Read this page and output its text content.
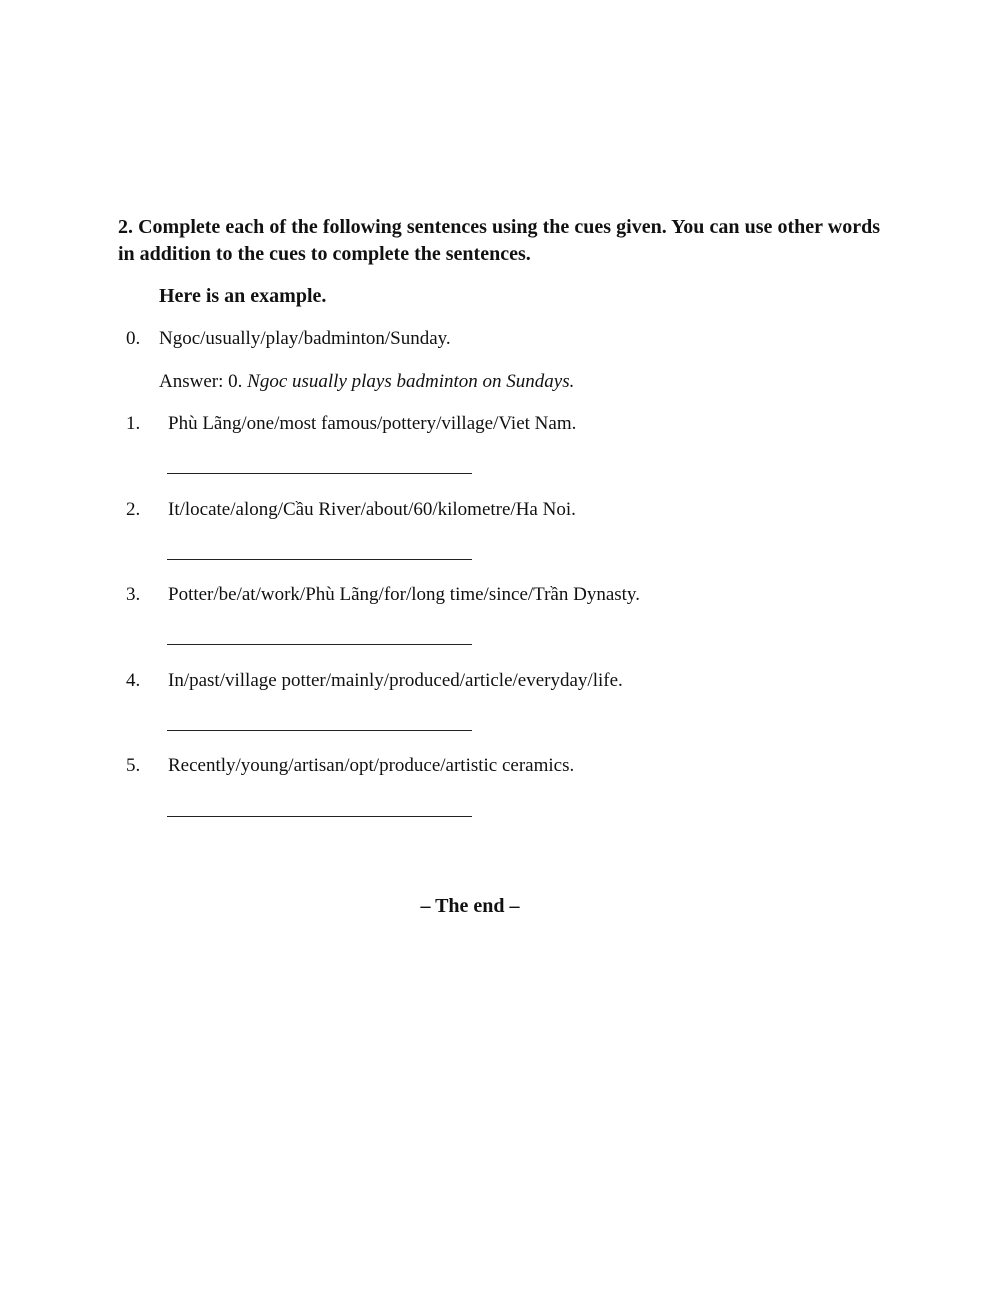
2. Complete each of the following sentences using the cues given. You can use other words in addition to the cues to complete the sentences.
Here is an example.
0. Ngoc/usually/play/badminton/Sunday.
Answer: 0. Ngoc usually plays badminton on Sundays.
1. Phù Lãng/one/most famous/pottery/village/Viet Nam.
2. It/locate/along/Cầu River/about/60/kilometre/Ha Noi.
3. Potter/be/at/work/Phù Lãng/for/long time/since/Trần Dynasty.
4. In/past/village potter/mainly/produced/article/everyday/life.
5. Recently/young/artisan/opt/produce/artistic ceramics.
– The end –
